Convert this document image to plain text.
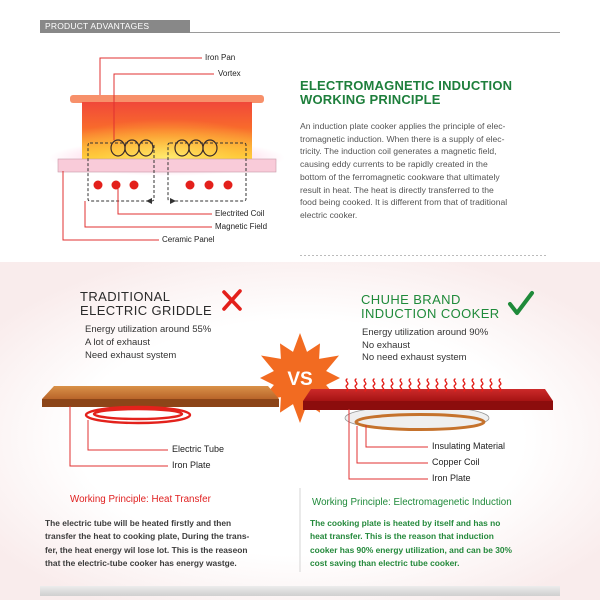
PRODUCT ADVANTAGES
VS
Iron Pan
Vortex
Electrited Coil
Magnetic Field
Ceramic Panel
ELECTROMAGNETIC INDUCTION
WORKING PRINCIPLE
An induction plate cooker applies the principle of elec-
tromagnetic induction. When there is a supply of elec-
tricity. The induction coil generates a magnetic field,
causing eddy currents to be rapidly created in the
bottom of the ferromagnetic cookware that ultimately
result in heat. The heat is directly transferred to the
food being cooked. It is different from that of traditional
electric cooker.
TRADITIONAL
ELECTRIC GRIDDLE
Energy utilization around 55%
A lot of exhaust
Need exhaust system
Electric Tube
Iron Plate
Working Principle: Heat Transfer
The electric tube will be heated firstly and then
transfer the heat to cooking plate, During the trans-
fer, the heat energy wil lose lot. This is the reaseon
that the electric-tube cooker has energy wastge.
CHUHE BRAND
INDUCTION COOKER
Energy utilization around 90%
No exhaust
No need exhaust system
Insulating Material
Copper Coil
Iron Plate
Working Principle: Electromagenetic Induction
The cooking plate is heated by itself and has no
heat transfer. This is the reason that induction
cooker has 90% energy utilization, and can be 30%
cost saving than electric tube cooker.
